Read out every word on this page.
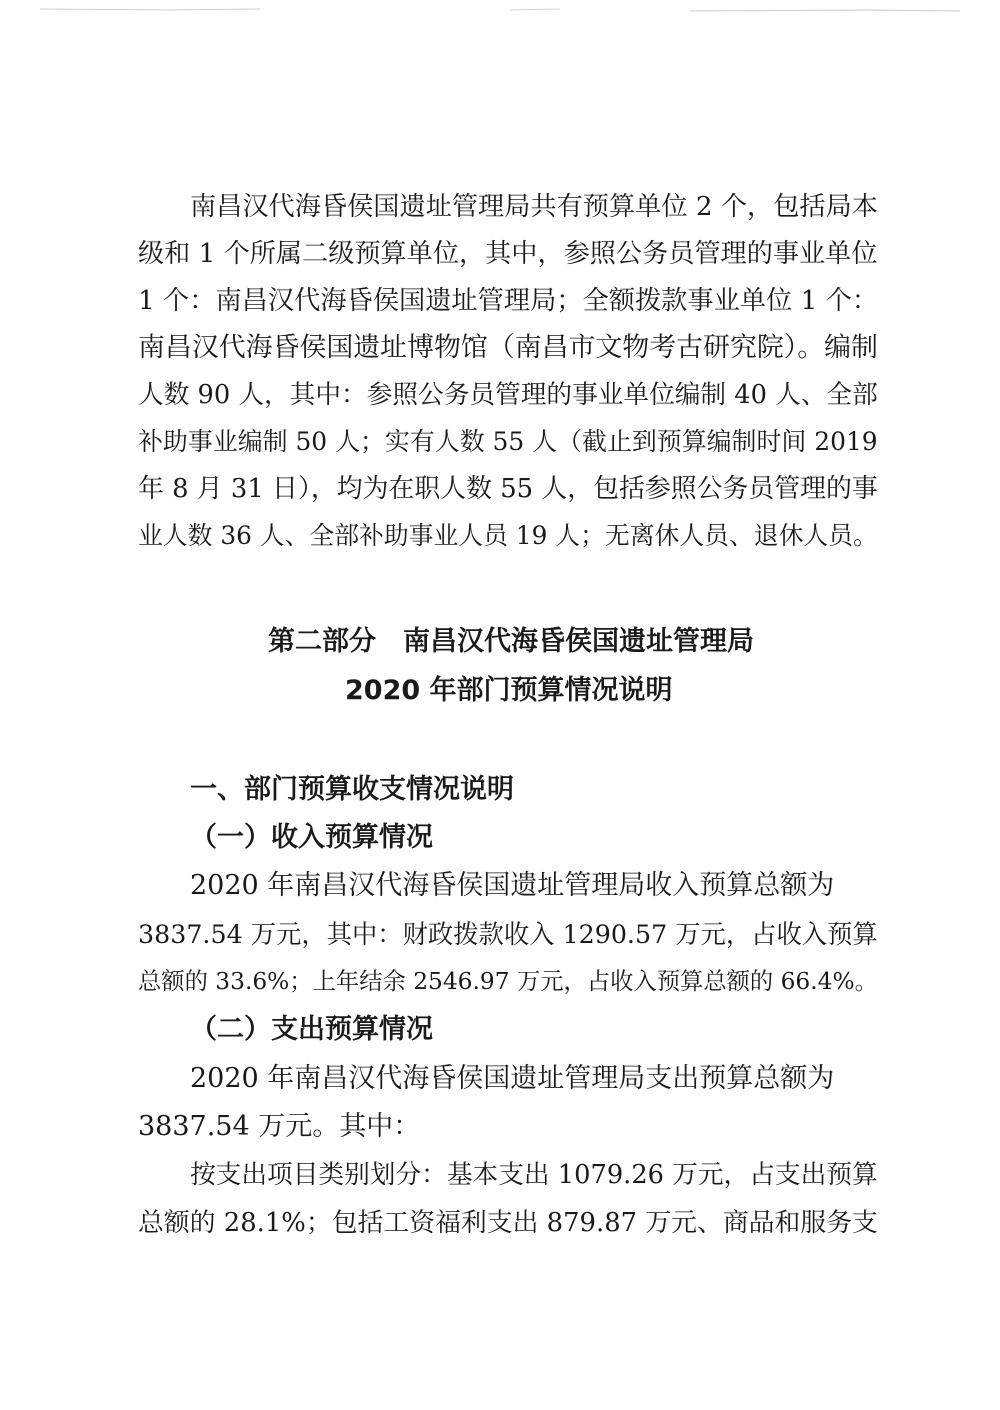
南昌汉代海昏侯国遗址管理局共有预算单位 2 个，包括局本
级和 1 个所属二级预算单位，其中，参照公务员管理的事业单位
1 个：南昌汉代海昏侯国遗址管理局；全额拨款事业单位 1 个：
南昌汉代海昏侯国遗址博物馆（南昌市文物考古研究院）。编制
人数 90 人，其中：参照公务员管理的事业单位编制 40 人、全部
补助事业编制 50 人；实有人数 55 人（截止到预算编制时间 2019
年 8 月 31 日），均为在职人数 55 人，包括参照公务员管理的事
业人数 36 人、全部补助事业人员 19 人；无离休人员、退休人员。
第二部分　南昌汉代海昏侯国遗址管理局
2020 年部门预算情况说明
一、部门预算收支情况说明
（一）收入预算情况
2020 年南昌汉代海昏侯国遗址管理局收入预算总额为
3837.54 万元，其中：财政拨款收入 1290.57 万元，占收入预算
总额的 33.6%；上年结余 2546.97 万元，占收入预算总额的 66.4%。
（二）支出预算情况
2020 年南昌汉代海昏侯国遗址管理局支出预算总额为
3837.54 万元。其中：
按支出项目类别划分：基本支出 1079.26 万元，占支出预算
总额的 28.1%；包括工资福利支出 879.87 万元、商品和服务支
